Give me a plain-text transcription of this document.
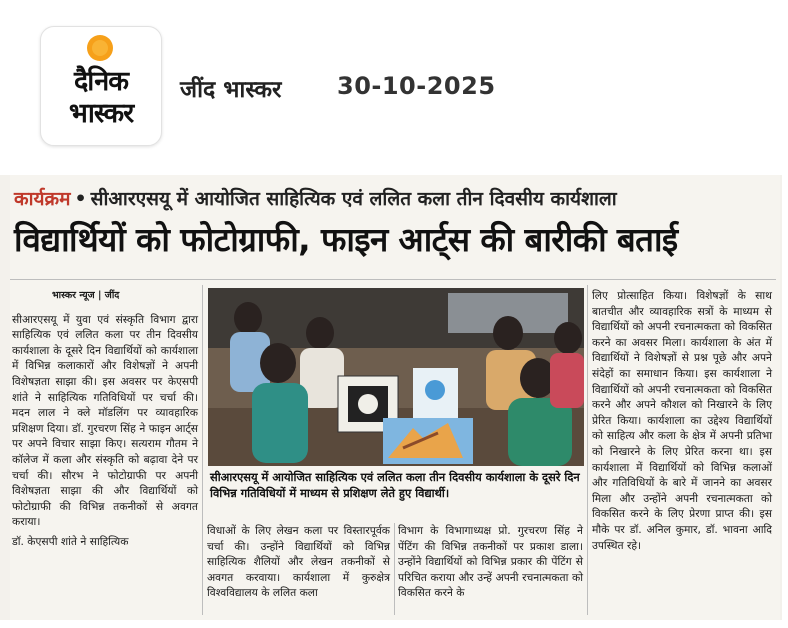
दैनिक
भास्कर
जींद भास्कर 30-10-2025
कार्यक्रम • सीआरएसयू में आयोजित साहित्यिक एवं ललित कला तीन दिवसीय कार्यशाला
विद्यार्थियों को फोटोग्राफी, फाइन आर्ट्स की बारीकी बताई
भास्कर न्यूज | जींद
सीआरएसयू में युवा एवं संस्कृति विभाग द्वारा साहित्यिक एवं ललित कला पर तीन दिवसीय कार्यशाला के दूसरे दिन विद्यार्थियों को कार्यशाला में विभिन्न कलाकारों और विशेषज्ञों ने अपनी विशेषज्ञता साझा की। इस अवसर पर केएसपी शांते ने साहित्यिक गतिविधियों पर चर्चा की। मदन लाल ने क्ले मॉडलिंग पर व्यावहारिक प्रशिक्षण दिया। डॉ. गुरचरण सिंह ने फाइन आर्ट्स पर अपने विचार साझा किए। सत्यराम गौतम ने कॉलेज में कला और संस्कृति को बढ़ावा देने पर चर्चा की। सौरभ ने फोटोग्राफी पर अपनी विशेषज्ञता साझा की और विद्यार्थियों को फोटोग्राफी की विभिन्न तकनीकों से अवगत कराया।
डॉ. केएसपी शांते ने साहित्यिक
सीआरएसयू में आयोजित साहित्यिक एवं ललित कला तीन दिवसीय कार्यशाला के दूसरे दिन विभिन्न गतिविधियों में माध्यम से प्रशिक्षण लेते हुए विद्यार्थी।
विधाओं के लिए लेखन कला पर विस्तारपूर्वक चर्चा की। उन्होंने विद्यार्थियों को विभिन्न साहित्यिक शैलियों और लेखन तकनीकों से अवगत करवाया। कार्यशाला में कुरुक्षेत्र विश्वविद्यालय के ललित कला
विभाग के विभागाध्यक्ष प्रो. गुरचरण सिंह ने पेंटिंग की विभिन्न तकनीकों पर प्रकाश डाला। उन्होंने विद्यार्थियों को विभिन्न प्रकार की पेंटिंग से परिचित कराया और उन्हें अपनी रचनात्मकता को विकसित करने के
लिए प्रोत्साहित किया। विशेषज्ञों के साथ बातचीत और व्यावहारिक सत्रों के माध्यम से विद्यार्थियों को अपनी रचनात्मकता को विकसित करने का अवसर मिला। कार्यशाला के अंत में विद्यार्थियों ने विशेषज्ञों से प्रश्न पूछे और अपने संदेहों का समाधान किया। इस कार्यशाला ने विद्यार्थियों को अपनी रचनात्मकता को विकसित करने और अपने कौशल को निखारने के लिए प्रेरित किया। कार्यशाला का उद्देश्य विद्यार्थियों को साहित्य और कला के क्षेत्र में अपनी प्रतिभा को निखारने के लिए प्रेरित करना था। इस कार्यशाला में विद्यार्थियों को विभिन्न कलाओं और गतिविधियों के बारे में जानने का अवसर मिला और उन्होंने अपनी रचनात्मकता को विकसित करने के लिए प्रेरणा प्राप्त की। इस मौके पर डॉ. अनिल कुमार, डॉ. भावना आदि उपस्थित रहे।
